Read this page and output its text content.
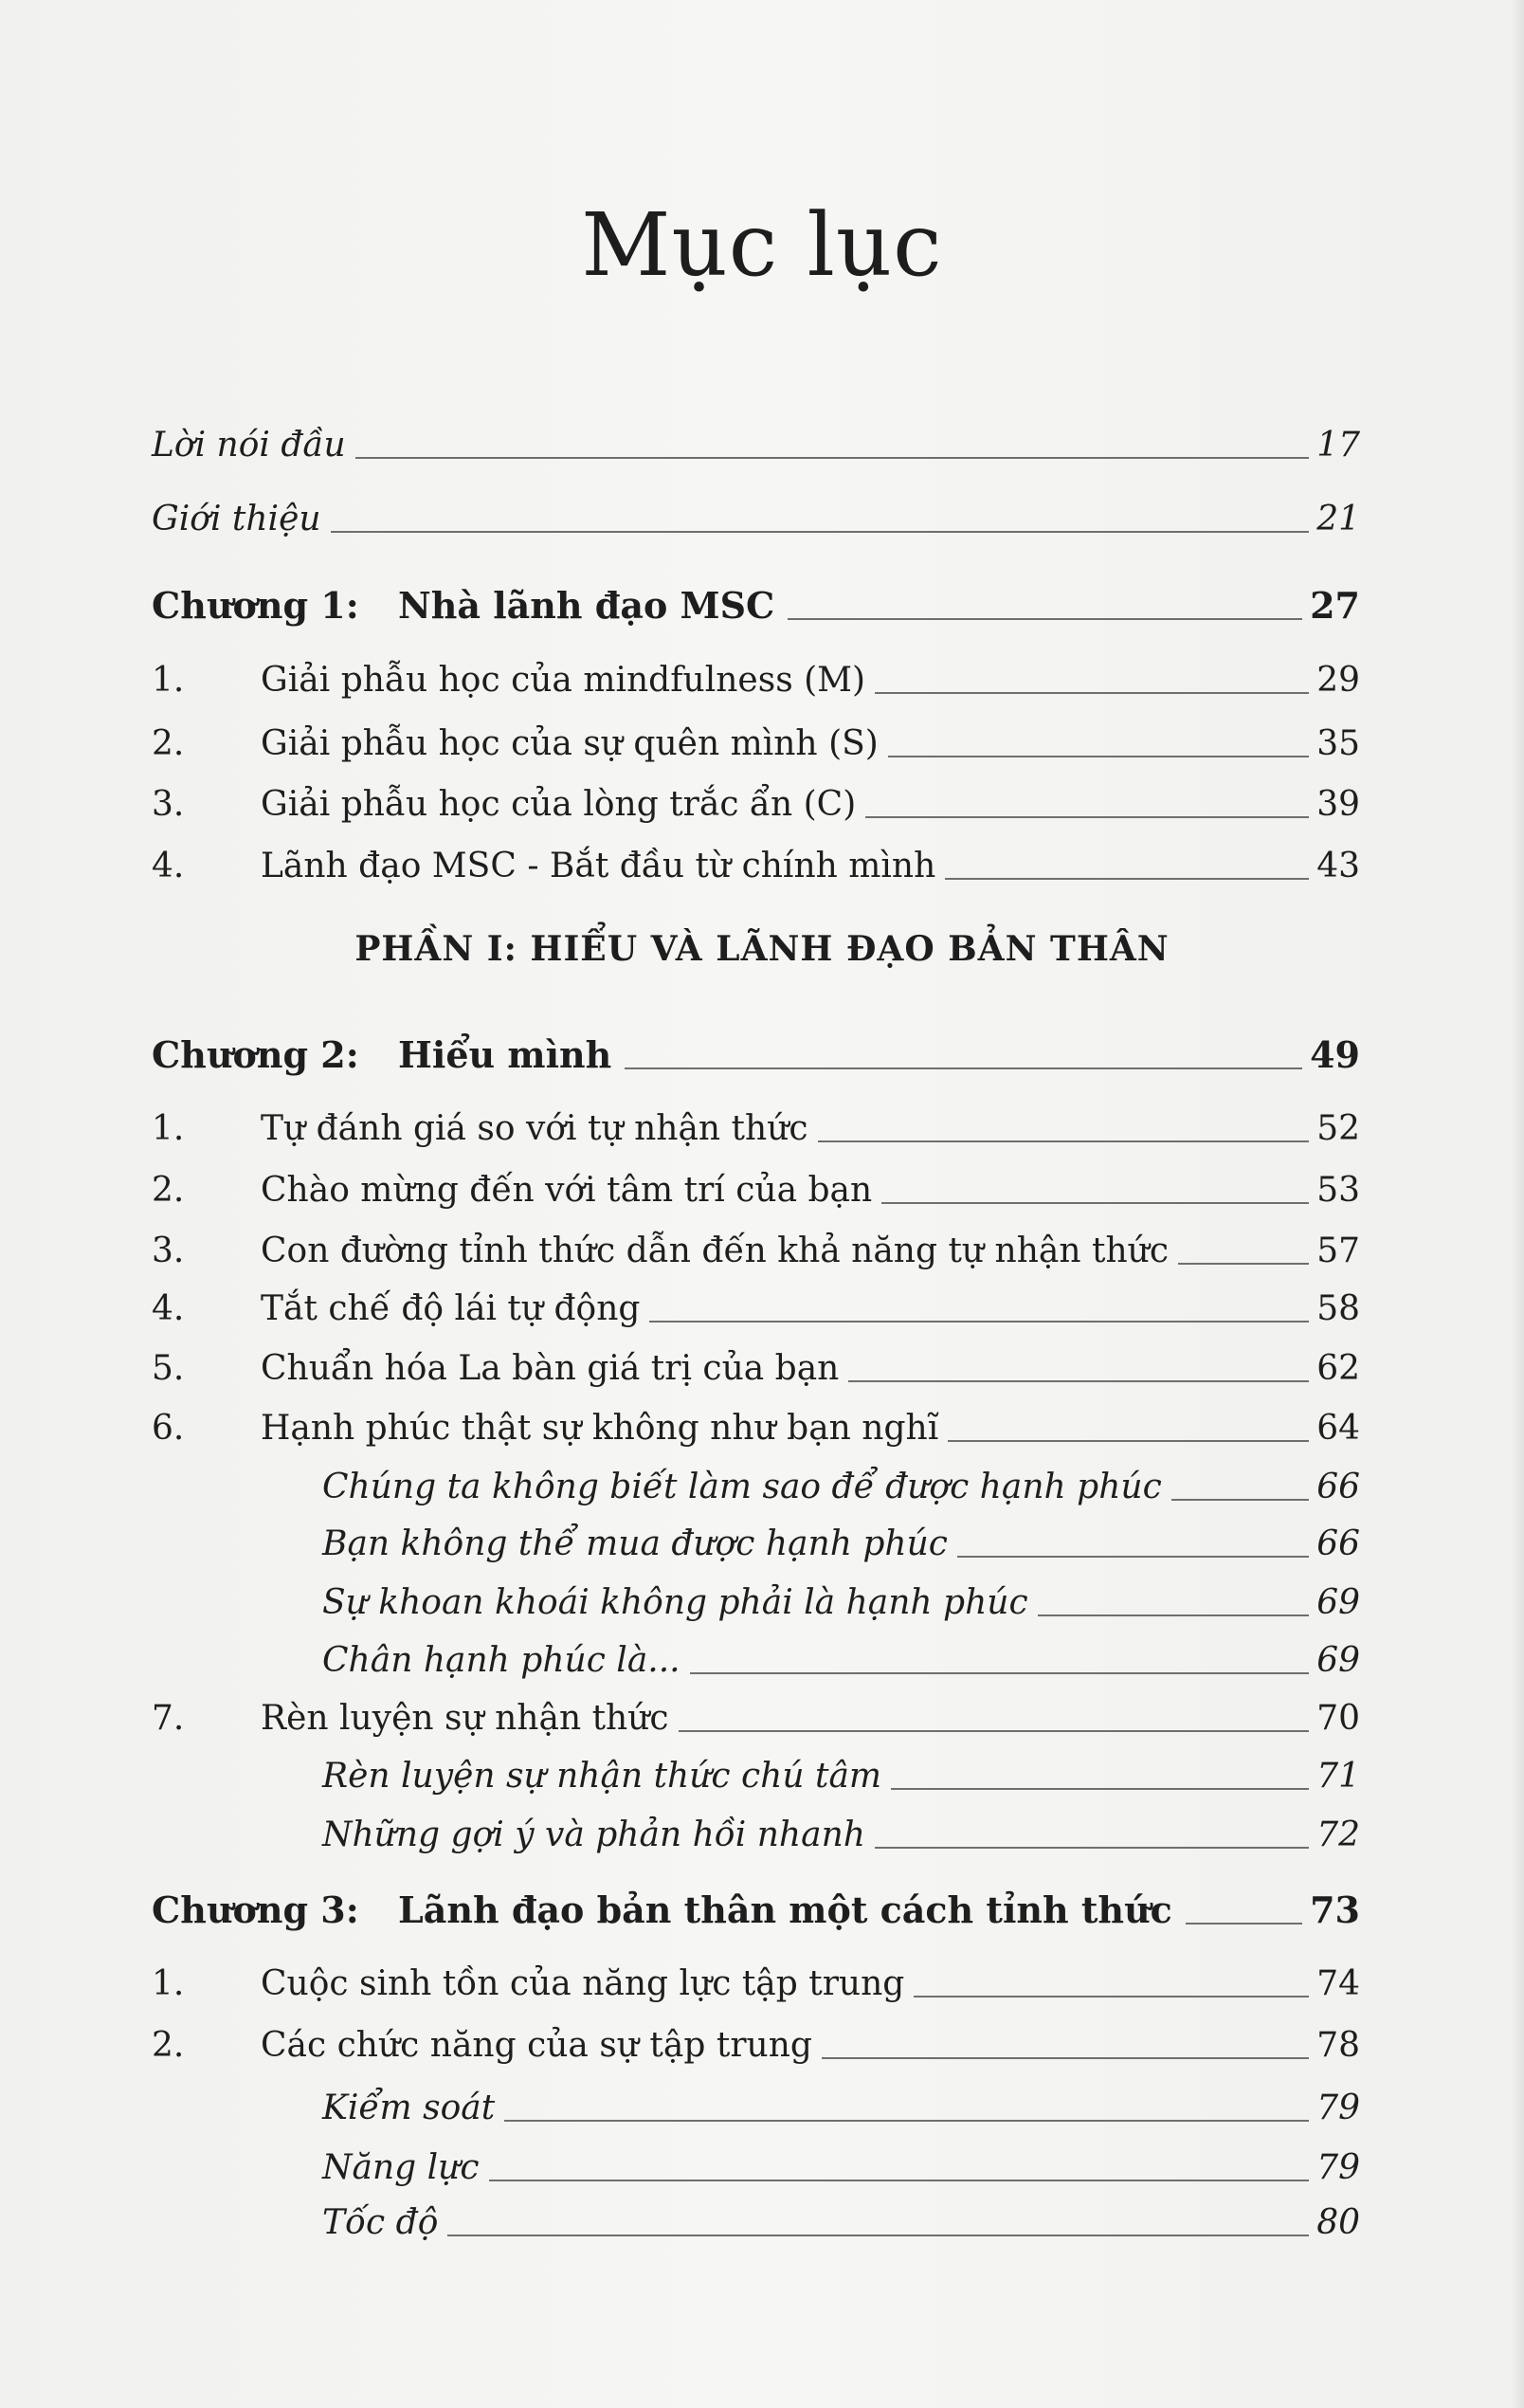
Mục lục
PHẦN I: HIỂU VÀ LÃNH ĐẠO BẢN THÂN
Lời nói đầu	17
Giới thiệu	21
Chương 1:	Nhà lãnh đạo MSC	27
1.	Giải phẫu học của mindfulness (M)	29
2.	Giải phẫu học của sự quên mình (S)	35
3.	Giải phẫu học của lòng trắc ẩn (C)	39
4.	Lãnh đạo MSC - Bắt đầu từ chính mình	43
Chương 2:	Hiểu mình	49
1.	Tự đánh giá so với tự nhận thức	52
2.	Chào mừng đến với tâm trí của bạn	53
3.	Con đường tỉnh thức dẫn đến khả năng tự nhận thức	57
4.	Tắt chế độ lái tự động	58
5.	Chuẩn hóa La bàn giá trị của bạn	62
6.	Hạnh phúc thật sự không như bạn nghĩ	64
Chúng ta không biết làm sao để được hạnh phúc	66
Bạn không thể mua được hạnh phúc	66
Sự khoan khoái không phải là hạnh phúc	69
Chân hạnh phúc là...	69
7.	Rèn luyện sự nhận thức	70
Rèn luyện sự nhận thức chú tâm	71
Những gợi ý và phản hồi nhanh	72
Chương 3:	Lãnh đạo bản thân một cách tỉnh thức	73
1.	Cuộc sinh tồn của năng lực tập trung	74
2.	Các chức năng của sự tập trung	78
Kiểm soát	79
Năng lực	79
Tốc độ	80
